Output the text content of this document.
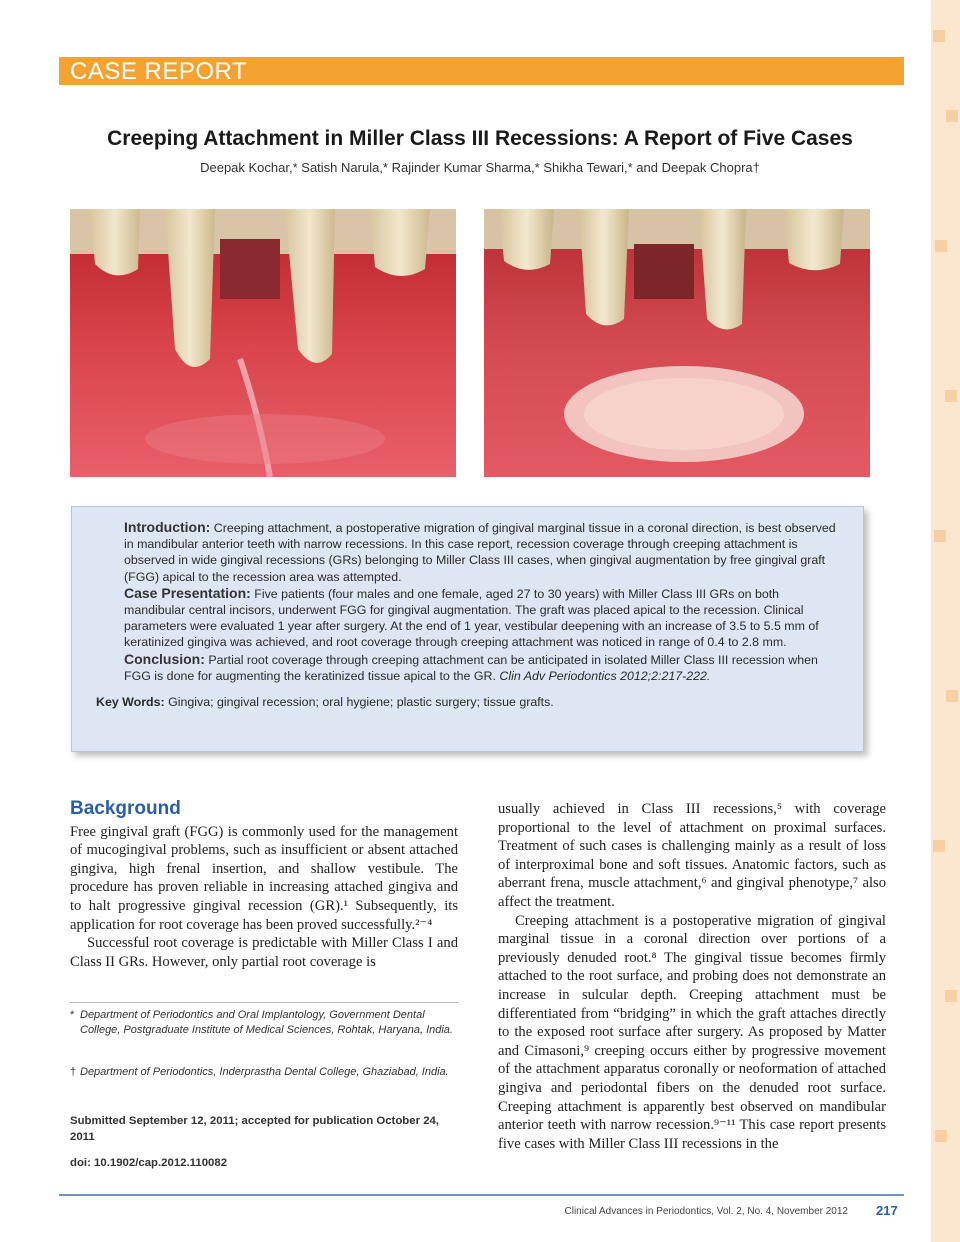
CASE REPORT
Creeping Attachment in Miller Class III Recessions: A Report of Five Cases
Deepak Kochar,* Satish Narula,* Rajinder Kumar Sharma,* Shikha Tewari,* and Deepak Chopra†

Introduction: Creeping attachment, a postoperative migration of gingival marginal tissue in a coronal direction, is best observed in mandibular anterior teeth with narrow recessions. In this case report, recession coverage through creeping attachment is observed in wide gingival recessions (GRs) belonging to Miller Class III cases, when gingival augmentation by free gingival graft (FGG) apical to the recession area was attempted.

Case Presentation: Five patients (four males and one female, aged 27 to 30 years) with Miller Class III GRs on both mandibular central incisors, underwent FGG for gingival augmentation. The graft was placed apical to the recession. Clinical parameters were evaluated 1 year after surgery. At the end of 1 year, vestibular deepening with an increase of 3.5 to 5.5 mm of keratinized gingiva was achieved, and root coverage through creeping attachment was noticed in range of 0.4 to 2.8 mm.

Conclusion: Partial root coverage through creeping attachment can be anticipated in isolated Miller Class III recession when FGG is done for augmenting the keratinized tissue apical to the GR. Clin Adv Periodontics 2012;2:217-222.

Key Words: Gingiva; gingival recession; oral hygiene; plastic surgery; tissue grafts.

Background

Free gingival graft (FGG) is commonly used for the management of mucogingival problems, such as insufficient or absent attached gingiva, high frenal insertion, and shallow vestibule. The procedure has proven reliable in increasing attached gingiva and to halt progressive gingival recession (GR).¹ Subsequently, its application for root coverage has been proved successfully.²⁻⁴

Successful root coverage is predictable with Miller Class I and Class II GRs. However, only partial root coverage is

* Department of Periodontics and Oral Implantology, Government Dental College, Postgraduate Institute of Medical Sciences, Rohtak, Haryana, India.
† Department of Periodontics, Inderprastha Dental College, Ghaziabad, India.
Submitted September 12, 2011; accepted for publication October 24, 2011
doi: 10.1902/cap.2012.110082

usually achieved in Class III recessions,⁵ with coverage proportional to the level of attachment on proximal surfaces. Treatment of such cases is challenging mainly as a result of loss of interproximal bone and soft tissues. Anatomic factors, such as aberrant frena, muscle attachment,⁶ and gingival phenotype,⁷ also affect the treatment.

Creeping attachment is a postoperative migration of gingival marginal tissue in a coronal direction over portions of a previously denuded root.⁸ The gingival tissue becomes firmly attached to the root surface, and probing does not demonstrate an increase in sulcular depth. Creeping attachment must be differentiated from “bridging” in which the graft attaches directly to the exposed root surface after surgery. As proposed by Matter and Cimasoni,⁹ creeping occurs either by progressive movement of the attachment apparatus coronally or neoformation of attached gingiva and periodontal fibers on the denuded root surface. Creeping attachment is apparently best observed on mandibular anterior teeth with narrow recession.⁹⁻¹¹ This case report presents five cases with Miller Class III recessions in the

Clinical Advances in Periodontics, Vol. 2, No. 4, November 2012 217
